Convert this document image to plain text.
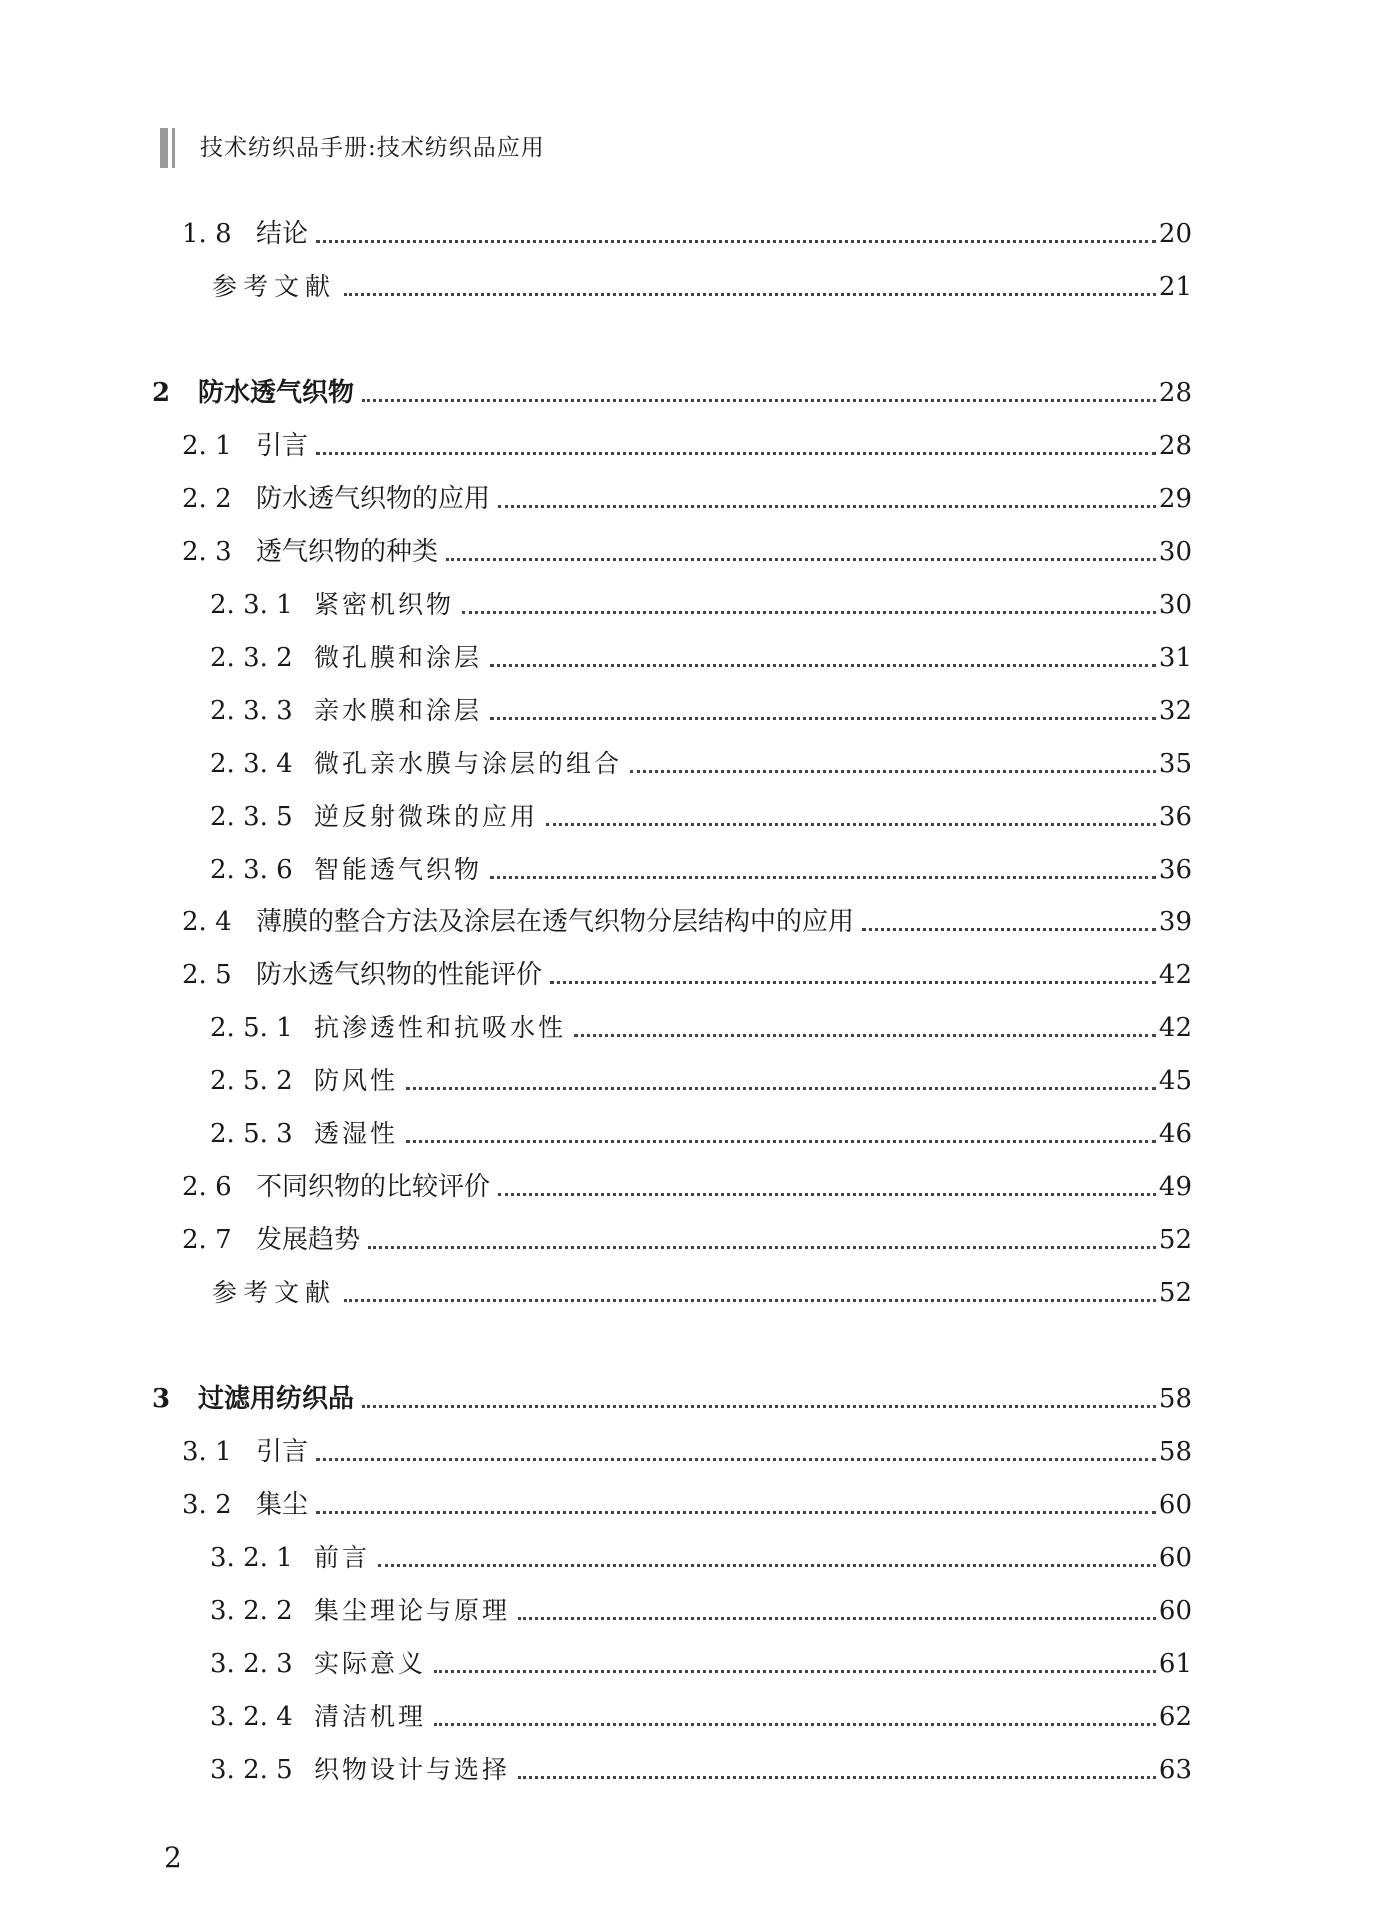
技术纺织品手册:技术纺织品应用
1. 8 结论	20
参考文献	21
2 防水透气织物	28
2. 1 引言	28
2. 2 防水透气织物的应用	29
2. 3 透气织物的种类	30
2. 3. 1 紧密机织物	30
2. 3. 2 微孔膜和涂层	31
2. 3. 3 亲水膜和涂层	32
2. 3. 4 微孔亲水膜与涂层的组合	35
2. 3. 5 逆反射微珠的应用	36
2. 3. 6 智能透气织物	36
2. 4 薄膜的整合方法及涂层在透气织物分层结构中的应用	39
2. 5 防水透气织物的性能评价	42
2. 5. 1 抗渗透性和抗吸水性	42
2. 5. 2 防风性	45
2. 5. 3 透湿性	46
2. 6 不同织物的比较评价	49
2. 7 发展趋势	52
参考文献	52
3 过滤用纺织品	58
3. 1 引言	58
3. 2 集尘	60
3. 2. 1 前言	60
3. 2. 2 集尘理论与原理	60
3. 2. 3 实际意义	61
3. 2. 4 清洁机理	62
3. 2. 5 织物设计与选择	63
2
